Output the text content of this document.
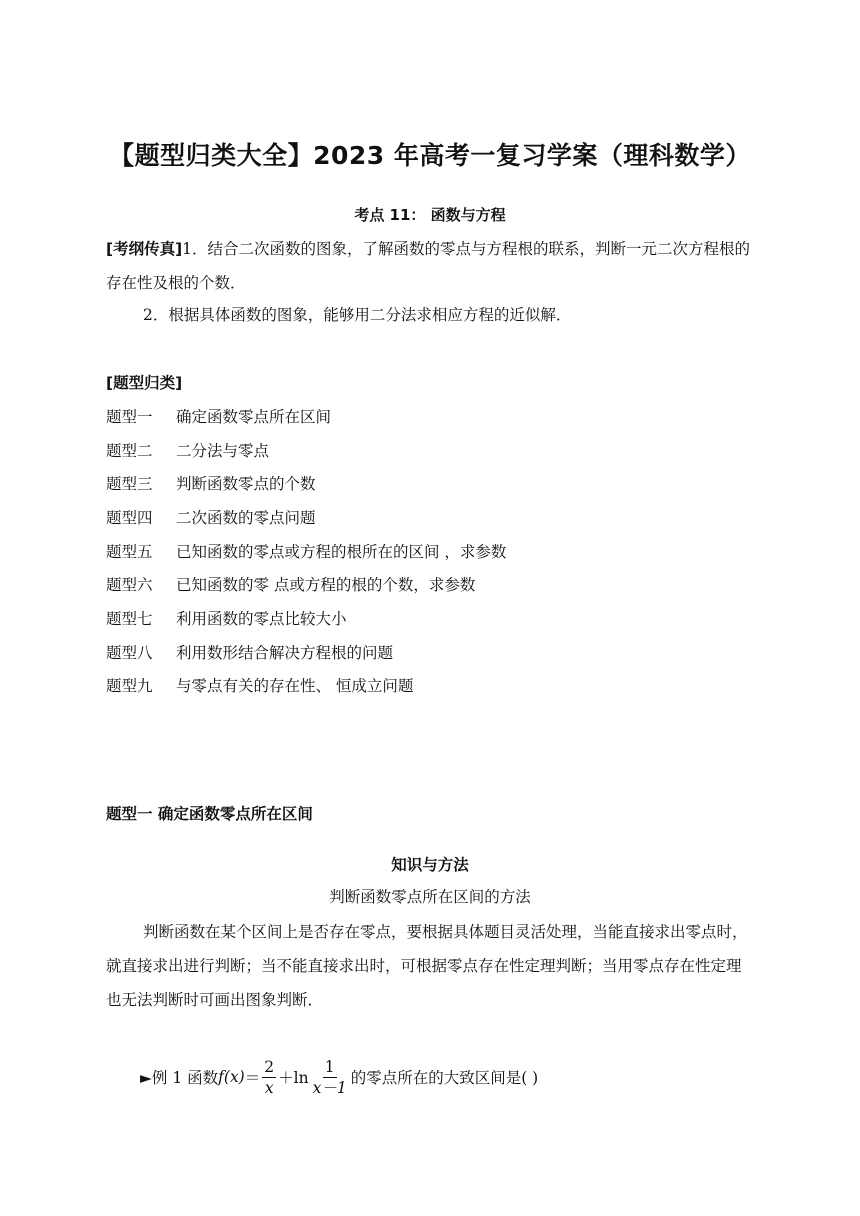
【题型归类大全】2023 年高考一复习学案（理科数学）
考点 11： 函数与方程
[考纲传真]1．结合二次函数的图象，了解函数的零点与方程根的联系，判断一元二次方程根的存在性及根的个数．
2．根据具体函数的图象，能够用二分法求相应方程的近似解．
[题型归类]
题型一 确定函数零点所在区间
题型二 二分法与零点
题型三 判断函数零点的个数
题型四 二次函数的零点问题
题型五 已知函数的零点或方程的根所在的区间 ，求参数
题型六 已知函数的零 点或方程的根的个数，求参数
题型七 利用函数的零点比较大小
题型八 利用数形结合解决方程根的问题
题型九 与零点有关的存在性、 恒成立问题
题型一 确定函数零点所在区间
知识与方法
判断函数零点所在区间的方法
判断函数在某个区间上是否存在零点，要根据具体题目灵活处理，当能直接求出零点时，就直接求出进行判断；当不能直接求出时，可根据零点存在性定理判断；当用零点存在性定理也无法判断时可画出图象判断．
►例 1 函数 f $(x) = \frac{2}{x} +\ln \frac{1}{x-1}$ 的零点所在的大致区间是( )
